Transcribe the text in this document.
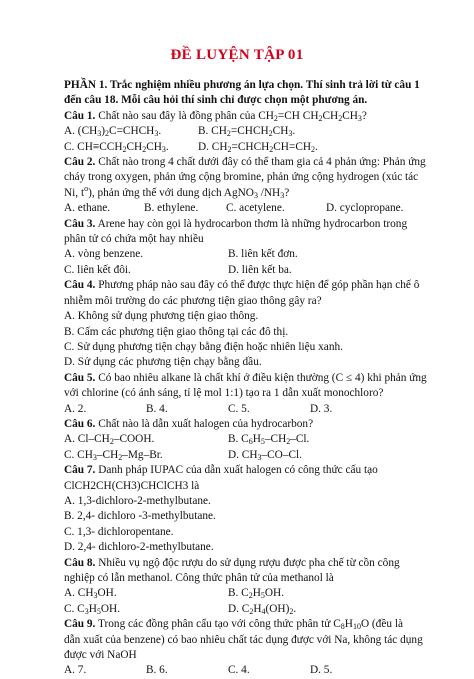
ĐỀ LUYỆN TẬP 01
PHẦN 1. Trắc nghiệm nhiều phương án lựa chọn. Thí sinh trả lời từ câu 1
đến câu 18. Mỗi câu hỏi thí sinh chỉ được chọn một phương án.
Câu 1. Chất nào sau đây là đồng phân của $CH_2=CH$ $CH_2CH_2CH_3$?
A. $(CH_3)_2C=CHCH_3$.	B. $CH_2=CHCH_2CH_3$.
C. $CH\equiv CCH_2CH_2CH_3$.	D. $CH_2=CHCH_2CH=CH_2$.
Câu 2. Chất nào trong 4 chất dưới đây có thể tham gia cả 4 phản ứng: Phản ứng
cháy trong oxygen, phản ứng cộng bromine, phản ứng cộng hydrogen (xúc tác
Ni, $t^o$), phản ứng thế với dung dịch AgNO$_3$ $/NH_3$?
A. ethane.	B. ethylene. C. acetylene.	D. cyclopropane.
Câu 3. Arene hay còn gọi là hydrocarbon thơm là những hydrocarbon trong
phân tử có chứa một hay nhiều
A. vòng benzene.	B. liên kết đơn.
C. liên kết đôi.	D. liên kết ba.
Câu 4. Phương pháp nào sau đây có thể được thực hiện để góp phần hạn chế ô
nhiễm môi trường do các phương tiện giao thông gây ra?
A. Không sử dụng phương tiện giao thông.
B. Cấm các phương tiện giao thông tại các đô thị.
C. Sử dụng phương tiện chạy bằng điện hoặc nhiên liệu xanh.
D. Sử dụng các phương tiện chạy bằng dầu.
Câu 5. Có bao nhiêu alkane là chất khí ở điều kiện thường (C ≤ 4) khi phản ứng
với chlorine (có ánh sáng, tỉ lệ mol 1:1) tạo ra 1 dẫn xuất monochloro?
A. 2.	B. 4.	C. 5.	D. 3.
Câu 6. Chất nào là dẫn xuất halogen của hydrocarbon?
A. $Cl-CH_2$–COOH.	B. $C_6H_5-CH_2-Cl$.
C. $CH_3-CH_2-Mg-Br$.	D. $CH_3-CO-Cl$.
Câu 7. Danh pháp IUPAC của dẫn xuất halogen có công thức cấu tạo
ClCH2CH(CH3)CHClCH3 là
A. 1,3-dichloro-2-methylbutane.
B. 2,4- dichloro -3-methylbutane.
C. 1,3- dichloropentane.
D. 2,4- dichloro-2-methylbutane.
Câu 8. Nhiều vụ ngộ độc rượu do sử dụng rượu được pha chế từ cồn công
nghiệp có lẫn methanol. Công thức phân tử của methanol là
A. $CH_3OH$.	B. $C_2H_5OH$.
C. $C_3H_5OH$.	D. $C_2H_4(OH)_2$.
Câu 9. Trong các đồng phân cấu tạo với công thức phân tử $C_8H_{10}O$ (đều là
dẫn xuất của benzene) có bao nhiêu chất tác dụng được với Na, không tác dụng
được với NaOH
A. 7.	B. 6.	C. 4.	D. 5.
